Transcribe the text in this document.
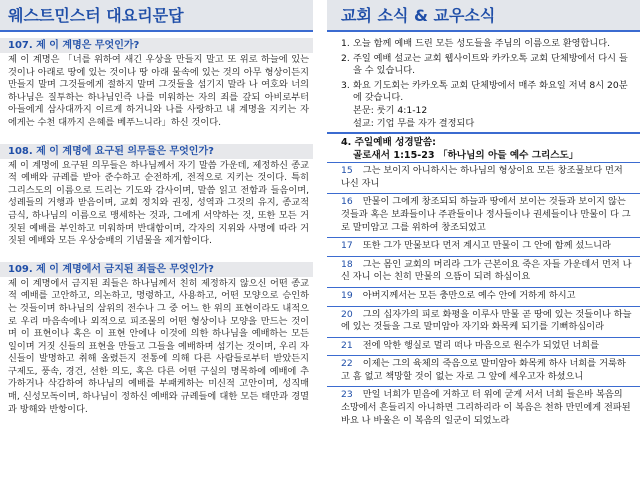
웨스트민스터 대요리문답
107. 제 이 계명은 무엇인가?
제 이 계명은 「너를 위하여 새긴 우상을 만들지 말고 또 위로 하늘에 있는 것이나 아래로 땅에 있는 것이나 땅 아래 물속에 있는 것의 아무 형상이든지 만들지 말며 그것들에게 절하지 말며 그것들을 섬기지 말라 나 여호와 너의 하나님은 질투하는 하나님인즉 나를 미워하는 자의 죄를 갚되 아비로부터 아들에게 삼사대까지 이르게 하거니와 나를 사랑하고 내 계명을 지키는 자에게는 수천 대까지 은혜를 베푸느니라」하신 것이다.
108. 제 이 계명에 요구된 의무들은 무엇인가?
제 이 계명에 요구된 의무들은 하나님께서 자기 말씀 가운데, 제정하신 종교적 예배와 규례를 받아 준수하고 순전하게, 전적으로 지키는 것이다. 특히 그리스도의 이름으로 드리는 기도와 감사이며, 말씀 읽고 전함과 들음이며, 성례들의 거행과 받음이며, 교회 정치와 권징, 성역과 그것의 유지, 종교적 금식, 하나님의 이름으로 맹세하는 것과, 그에게 서약하는 것, 또한 모든 거짓된 예배를 부인하고 미워하며 반대함이며, 각자의 지위와 사명에 따라 거짓된 예배와 모든 우상숭배의 기념물을 제거함이다.
109. 제 이 계명에서 금지된 죄들은 무엇인가?
제 이 계명에서 금지된 죄들은 하나님께서 친히 제정하지 않으신 어떤 종교적 예배를 고안하고, 의논하고, 명령하고, 사용하고, 어떤 모양으로 승인하는 것들이며 하나님의 삼위의 전수나 그 중 어느 한 위의 표현이라도 내적으로 우리 마음속에나 외적으로 피조물의 어떤 형상이나 모양을 만드는 것이며 이 표현이나 혹은 이 표현 안에나 이것에 의한 하나님을 예배하는 모든 일이며 거짓 신들의 표현을 만들고 그들을 예배하며 섬기는 것이며, 우리 자신들이 발명하고 취해 올렸든지 전통에 의해 다른 사람들로부터 받았든지 구제도, 풍속, 경건, 선한 의도, 혹은 다른 어떤 구실의 명목하에 예배에 추가하거나 삭감하여 하나님의 예배를 부패케하는 미신적 고안이며, 성직매매, 신성모독이며, 하나님이 정하신 예배와 규례들에 대한 모든 태만과 경멸과 방해와 반항이다.
교회 소식 & 교우소식
1. 오늘 함께 예배 드린 모든 성도들을 주님의 이름으로 환영합니다.
2. 주일 예배 설교는 교회 웹사이트와 카카오톡 교회 단체방에서 다시 들을 수 있습니다.
3. 화요 기도회는 카카오톡 교회 단체방에서 매주 화요일 저녁 8시 20분에 갖습니다.
본문: 룻기 4:1-12
설교: 기업 무를 자가 결정되다
4. 주일예배 성경말씀:
골로새서 1:15-23 「하나님의 아들 예수 그리스도」
15 그는 보이지 아니하시는 하나님의 형상이요 모든 창조물보다 먼저 나신 자니
16 만물이 그에게 창조되되 하늘과 땅에서 보이는 것들과 보이지 않는 것들과 혹은 보좌들이나 주관들이나 정사들이나 권세들이나 만물이 다 그로 말미암고 그를 위하여 창조되었고
17 또한 그가 만물보다 먼저 계시고 만물이 그 안에 함께 섰느니라
18 그는 몸인 교회의 머리라 그가 근본이요 죽은 자들 가운데서 먼저 나신 자니 이는 친히 만물의 으뜸이 되려 하심이요
19 아버지께서는 모든 충만으로 예수 안에 거하게 하시고
20 그의 십자가의 피로 화평을 이루사 만물 곧 땅에 있는 것들이나 하늘에 있는 것들을 그로 말미암아 자기와 화목케 되기를 기뻐하심이라
21 전에 악한 행실로 멀리 떠나 마음으로 원수가 되었던 너희를
22 이제는 그의 육체의 죽음으로 말미암아 화목케 하사 너희를 거룩하고 흠 없고 책망할 것이 없는 자로 그 앞에 세우고자 하셨으니
23 만일 너희가 믿음에 거하고 터 위에 굳게 서서 너희 들은바 복음의 소망에서 흔들리지 아니하면 그리하리라 이 복음은 천하 만민에게 전파된 바요 나 바울은 이 복음의 일군이 되었노라
